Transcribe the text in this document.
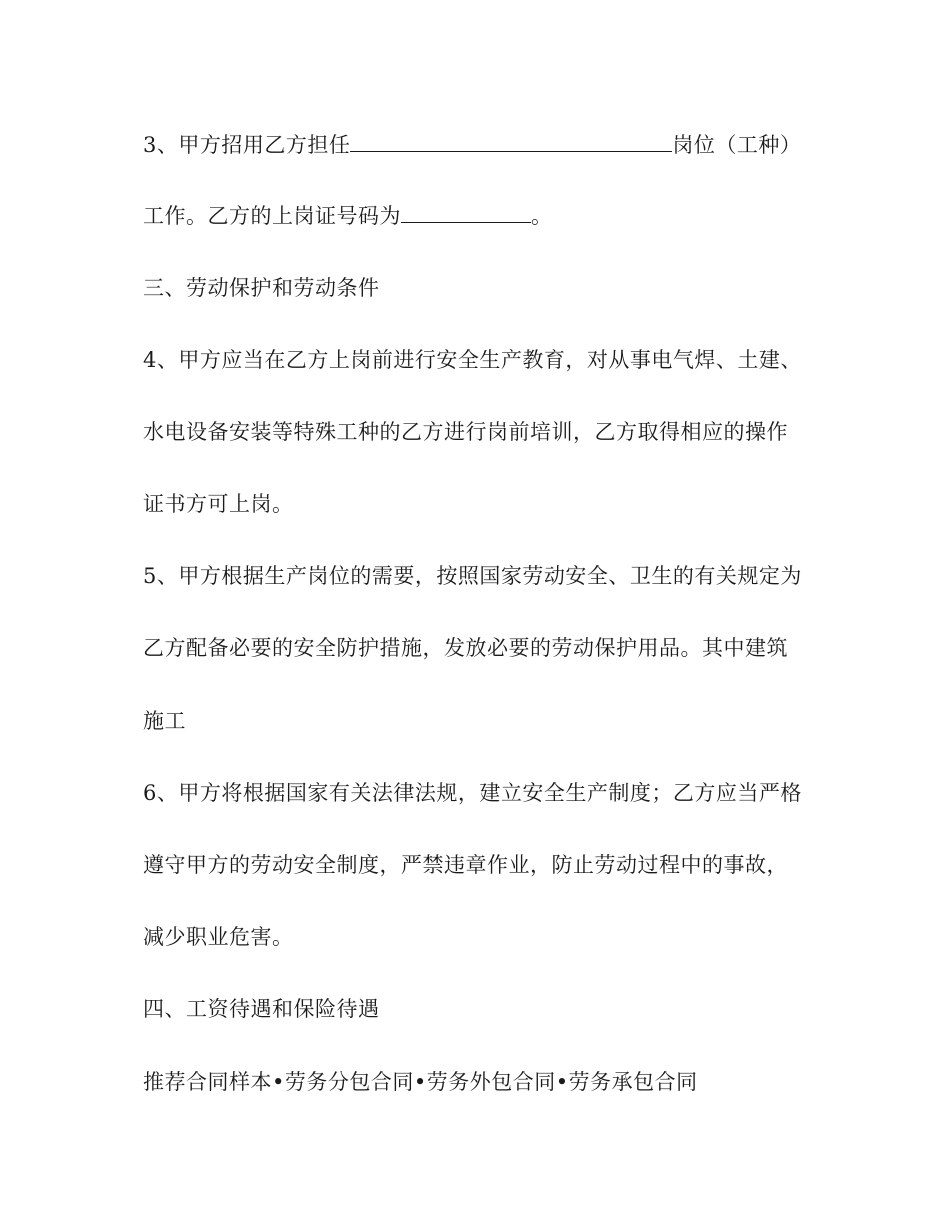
3、甲方招用乙方担任	岗位（工种）
工作。乙方的上岗证号码为	。
三、劳动保护和劳动条件
4、甲方应当在乙方上岗前进行安全生产教育，对从事电气焊、土建、
水电设备安装等特殊工种的乙方进行岗前培训，乙方取得相应的操作
证书方可上岗。
5、甲方根据生产岗位的需要，按照国家劳动安全、卫生的有关规定为
乙方配备必要的安全防护措施，发放必要的劳动保护用品。其中建筑
施工
6、甲方将根据国家有关法律法规，建立安全生产制度；乙方应当严格
遵守甲方的劳动安全制度，严禁违章作业，防止劳动过程中的事故，
减少职业危害。
四、工资待遇和保险待遇
推荐合同样本•劳务分包合同•劳务外包合同•劳务承包合同
